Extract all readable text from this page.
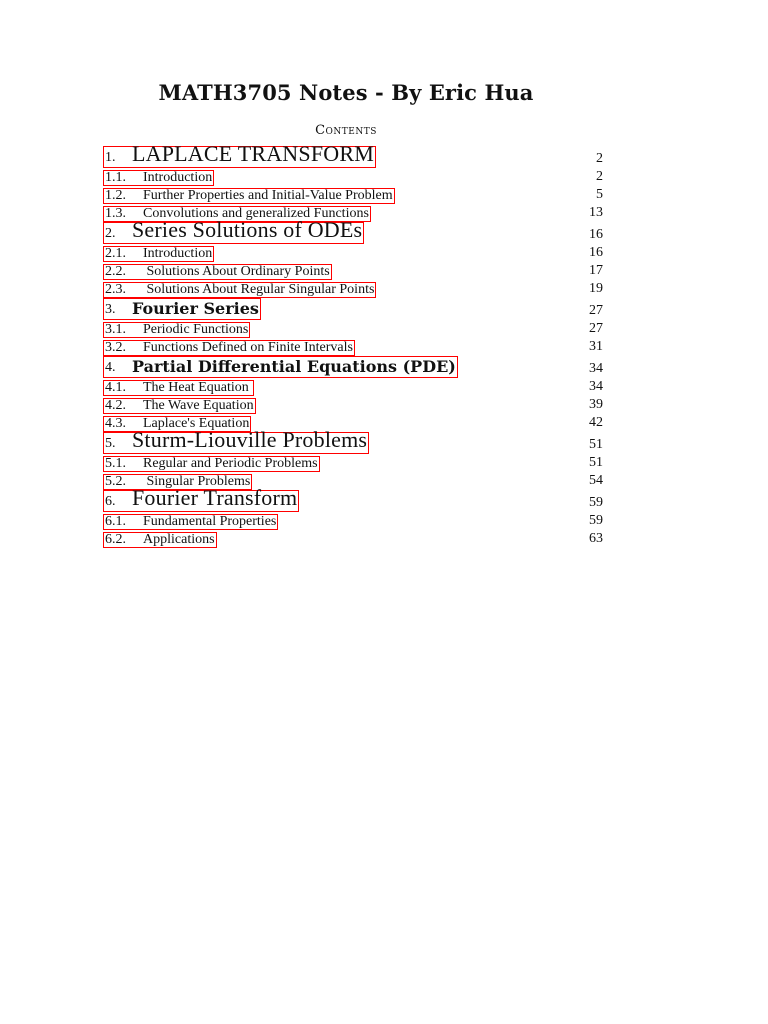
MATH3705 Notes - By Eric Hua
Contents
1. LAPLACE TRANSFORM	2
1.1.	Introduction	2
1.2.	Further Properties and Initial-Value Problem	5
1.3.	Convolutions and generalized Functions	13
2. Series Solutions of ODEs	16
2.1.	Introduction	16
2.2.	Solutions About Ordinary Points	17
2.3.	Solutions About Regular Singular Points	19
3.	Fourier Series	27
3.1.	Periodic Functions	27
3.2.	Functions Defined on Finite Intervals	31
4.	Partial Differential Equations (PDE)	34
4.1.	The Heat Equation	34
4.2.	The Wave Equation	39
4.3.	Laplace's Equation	42
5. Sturm-Liouville Problems	51
5.1.	Regular and Periodic Problems	51
5.2.	Singular Problems	54
6. Fourier Transform	59
6.1.	Fundamental Properties	59
6.2.	Applications	63
